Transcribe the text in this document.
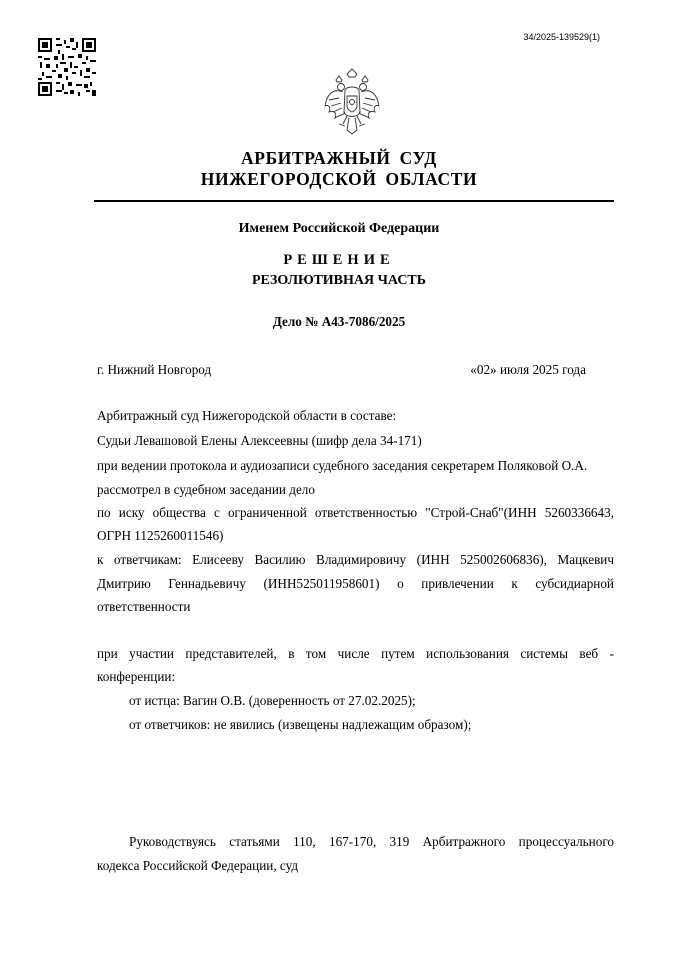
34/2025-139529(1)
АРБИТРАЖНЫЙ СУД
НИЖЕГОРОДСКОЙ ОБЛАСТИ
Именем Российской Федерации
РЕШЕНИЕ
РЕЗОЛЮТИВНАЯ ЧАСТЬ
Дело № А43-7086/2025
г. Нижний Новгород	«02» июля 2025 года
Арбитражный суд Нижегородской области в составе:
Судьи Левашовой Елены Алексеевны (шифр дела 34-171)
при ведении протокола и аудиозаписи судебного заседания секретарем Поляковой О.А.
рассмотрел в судебном заседании дело
по иску общества с ограниченной ответственностью "Строй-Снаб"(ИНН 5260336643,
ОГРН 1125260011546)
к ответчикам: Елисееву Василию Владимировичу (ИНН 525002606836), Мацкевич
Дмитрию Геннадьевичу (ИНН525011958601) о привлечении к субсидиарной
ответственности
при участии представителей, в том числе путем использования системы веб -
конференции:
от истца: Вагин О.В. (доверенность от 27.02.2025);
от ответчиков: не явились (извещены надлежащим образом);
Руководствуясь статьями 110, 167-170, 319 Арбитражного процессуального
кодекса Российской Федерации, суд
